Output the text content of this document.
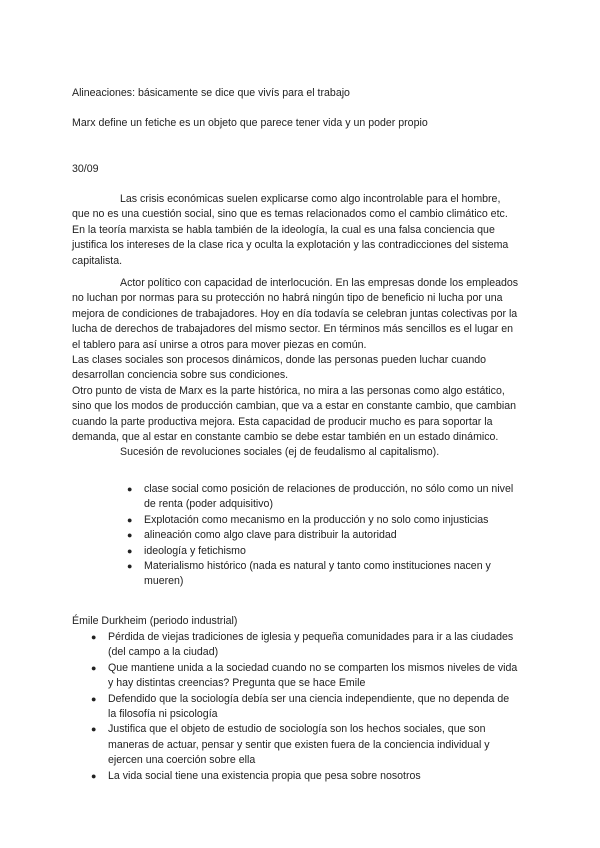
Alineaciones: básicamente se dice que vivís para el trabajo

Marx define un fetiche es un objeto que parece tener vida y un poder propio

30/09

Las crisis económicas suelen explicarse como algo incontrolable para el hombre, que no es una cuestión social, sino que es temas relacionados como el cambio climático etc. En la teoría marxista se habla también de la ideología, la cual es una falsa conciencia que justifica los intereses de la clase rica y oculta la explotación y las contradicciones del sistema capitalista.

Actor político con capacidad de interlocución. En las empresas donde los empleados no luchan por normas para su protección no habrá ningún tipo de beneficio ni lucha por una mejora de condiciones de trabajadores. Hoy en día todavía se celebran juntas colectivas por la lucha de derechos de trabajadores del mismo sector. En términos más sencillos es el lugar en el tablero para así unirse a otros para mover piezas en común.

Las clases sociales son procesos dinámicos, donde las personas pueden luchar cuando desarrollan conciencia sobre sus condiciones.

Otro punto de vista de Marx es la parte histórica, no mira a las personas como algo estático, sino que los modos de producción cambian, que va a estar en constante cambio, que cambian cuando la parte productiva mejora. Esta capacidad de producir mucho es para soportar la demanda, que al estar en constante cambio se debe estar también en un estado dinámico.

Sucesión de revoluciones sociales (ej de feudalismo al capitalismo).

● clase social como posición de relaciones de producción, no sólo como un nivel de renta (poder adquisitivo)
● Explotación como mecanismo en la producción y no solo como injusticias
● alineación como algo clave para distribuir la autoridad
● ideología y fetichismo
● Materialismo histórico (nada es natural y tanto como instituciones nacen y mueren)

Émile Durkheim (periodo industrial)

● Pérdida de viejas tradiciones de iglesia y pequeña comunidades para ir a las ciudades (del campo a la ciudad)
● Que mantiene unida a la sociedad cuando no se comparten los mismos niveles de vida y hay distintas creencias? Pregunta que se hace Emile
● Defendido que la sociología debía ser una ciencia independiente, que no dependa de la filosofía ni psicología
● Justifica que el objeto de estudio de sociología son los hechos sociales, que son maneras de actuar, pensar y sentir que existen fuera de la conciencia individual y ejercen una coerción sobre ella
● La vida social tiene una existencia propia que pesa sobre nosotros
